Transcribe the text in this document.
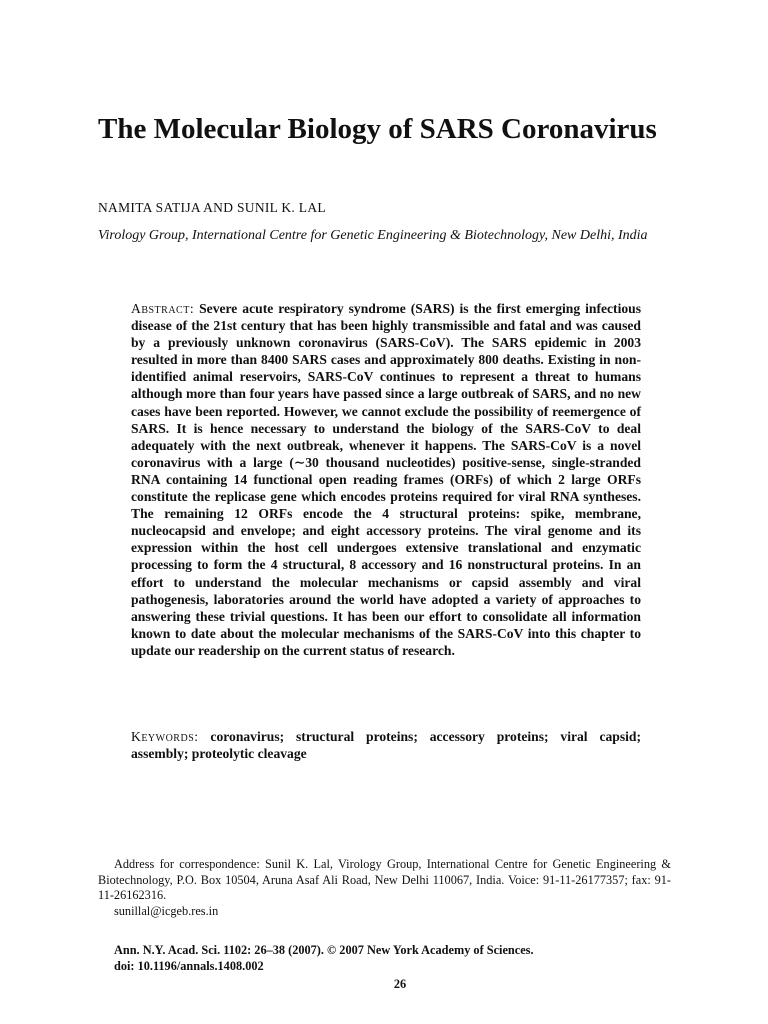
The Molecular Biology of SARS Coronavirus
NAMITA SATIJA AND SUNIL K. LAL
Virology Group, International Centre for Genetic Engineering & Biotechnology, New Delhi, India

Abstract: Severe acute respiratory syndrome (SARS) is the first emerging infectious disease of the 21st century that has been highly transmissible and fatal and was caused by a previously unknown coronavirus (SARS-CoV). The SARS epidemic in 2003 resulted in more than 8400 SARS cases and approximately 800 deaths. Existing in non-identified animal reservoirs, SARS-CoV continues to represent a threat to humans although more than four years have passed since a large outbreak of SARS, and no new cases have been reported. However, we cannot exclude the possibility of reemergence of SARS. It is hence necessary to understand the biology of the SARS-CoV to deal adequately with the next outbreak, whenever it happens. The SARS-CoV is a novel coronavirus with a large (∼30 thousand nucleotides) positive-sense, single-stranded RNA containing 14 functional open reading frames (ORFs) of which 2 large ORFs constitute the replicase gene which encodes proteins required for viral RNA syntheses. The remaining 12 ORFs encode the 4 structural proteins: spike, membrane, nucleocapsid and envelope; and eight accessory proteins. The viral genome and its expression within the host cell undergoes extensive translational and enzymatic processing to form the 4 structural, 8 accessory and 16 nonstructural proteins. In an effort to understand the molecular mechanisms or capsid assembly and viral pathogenesis, laboratories around the world have adopted a variety of approaches to answering these trivial questions. It has been our effort to consolidate all information known to date about the molecular mechanisms of the SARS-CoV into this chapter to update our readership on the current status of research.

Keywords: coronavirus; structural proteins; accessory proteins; viral capsid; assembly; proteolytic cleavage

Address for correspondence: Sunil K. Lal, Virology Group, International Centre for Genetic Engineering & Biotechnology, P.O. Box 10504, Aruna Asaf Ali Road, New Delhi 110067, India. Voice: 91-11-26177357; fax: 91-11-26162316.
sunillal@icgeb.res.in

Ann. N.Y. Acad. Sci. 1102: 26–38 (2007). © 2007 New York Academy of Sciences.
doi: 10.1196/annals.1408.002
26
